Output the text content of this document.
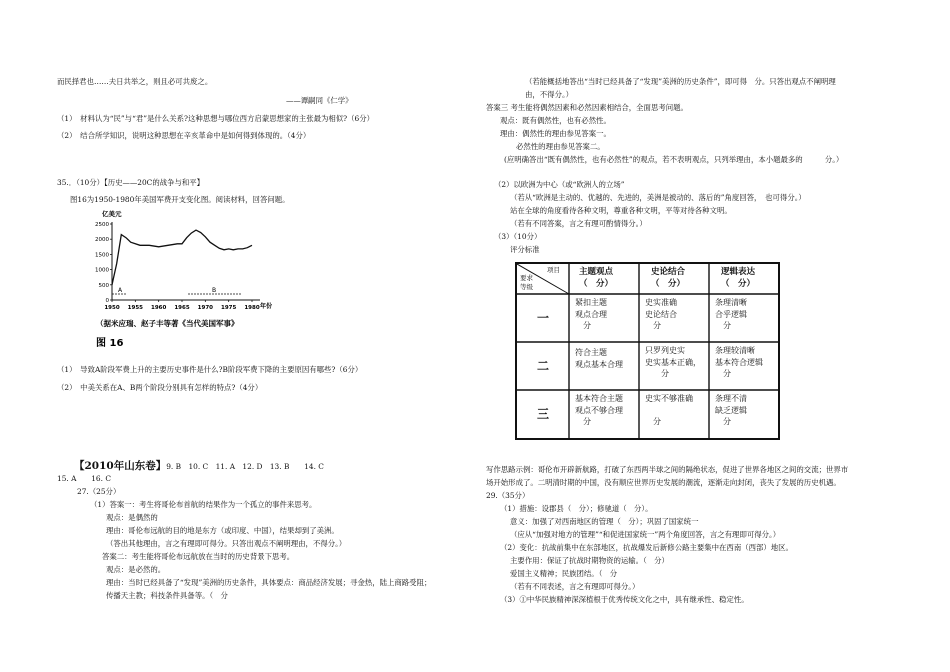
而民择君也……夫日共举之，则且必可共废之。
——谭嗣同《仁学》
（1）　材料认为“民”与“君”是什么关系?这种思想与哪位西方启蒙思想家的主张最为相似?（6分）
（2）　结合所学知识，说明这种思想在辛亥革命中是如何得到体现的。（4分）
35.．（10分）【历史——20C的战争与和平】
图16为1950-1980年美国军费开支变化图。阅读材料，回答问题。
亿美元
0
500
1000
1500
2000
2500
1950 1955 1960 1965 1970 1975 1980
A	B
年份
（据米应瑞、赵子丰等著《当代美国军事》
图 16
（1）　导致A阶段军费上升的主要历史事件是什么?B阶段军费下降的主要原因有哪些?（6分）
（2）　中美关系在A、B两个阶段分别具有怎样的特点?（4分）
【2010年山东卷】9. B　10. C　11. A　12. D　13. B　　14. C
15. A　　16. C
27.（25分）
（1）答案一：考生将哥伦布首航的结果作为一个孤立的事件来思考。
观点：是偶然的
理由：哥伦布远航的目的地是东方（或印度、中国），结果却到了美洲。
（答出其他理由，言之有理即可得分。只答出观点不阐明理由，不得分。）
答案二：考生能将哥伦布远航放在当时的历史背景下思考。
观点：是必然的。
理由：当时已经具备了“发现”美洲的历史条件，具体要点：商品经济发展；寻金热，陆上商路受阻；
传播天主教；科技条件具备等。（　分
（若能概括地答出“当时已经具备了“发现”美洲的历史条件”，即可得　分。只答出观点不阐明理
由，不得分。）
答案三 考生能将偶然因素和必然因素相结合，全面思考问题。
观点：既有偶然性，也有必然性。
理由：偶然性的理由参见答案一。
必然性的理由参见答案二。
(应明确答出“既有偶然性，也有必然性”的观点，若不表明观点，只列举理由，本小题最多的　　　分。）
（2）以欧洲为中心（或“欧洲人的立场”
（若从“欧洲是主动的、优越的、先进的，美洲是被动的、落后的”角度回答，　也可得分。）
站在全球的角度看待各种文明，尊重各种文明，平等对待各种文明。
（若有不同答案，言之有理可酌情得分。）
（3）（10分）
评分标准
项目
要求
等级
主题观点
（　分）
史论结合
（　分）
逻辑表达
（　分）
一
二
三
紧扣主题
观点合理
　分
史实准确
史论结合
　分
条理清晰
合乎逻辑
　分
符合主题
观点基本合理
只罗列史实
史实基本正确，
　　分
条理较清晰
基本符合逻辑
　分
基本符合主题
观点不够合理
　分
史实不够准确

　分
条理不清
缺乏逻辑
　分
写作思路示例：哥伦布开辟新航路，打破了东西两半球之间的隔绝状态，促进了世界各地区之间的交流；世界市
场开始形成了。二明清时期的中国，没有顺应世界历史发展的潮流，逐渐走向封闭，丧失了发展的历史机遇。
29.（35分）
（1）措施：设郡县（　分）；修驰道（　分）。
意义：加强了对西南地区的管理（　分）；巩固了国家统一
（应从“加强对地方的管理”“和促进国家统一”两个角度回答，言之有理即可得分。）
（2）变化：抗战前集中在东部地区，抗战爆发后新修公路主要集中在西南（西部）地区。
主要作用：保证了抗战时期物资的运输。（　分）
爱国主义精神；民族团结。（　分
（若有不同表述，言之有理即可得分。）
（3）①中华民族精神深深植根于优秀传统文化之中，具有继承性、稳定性。
